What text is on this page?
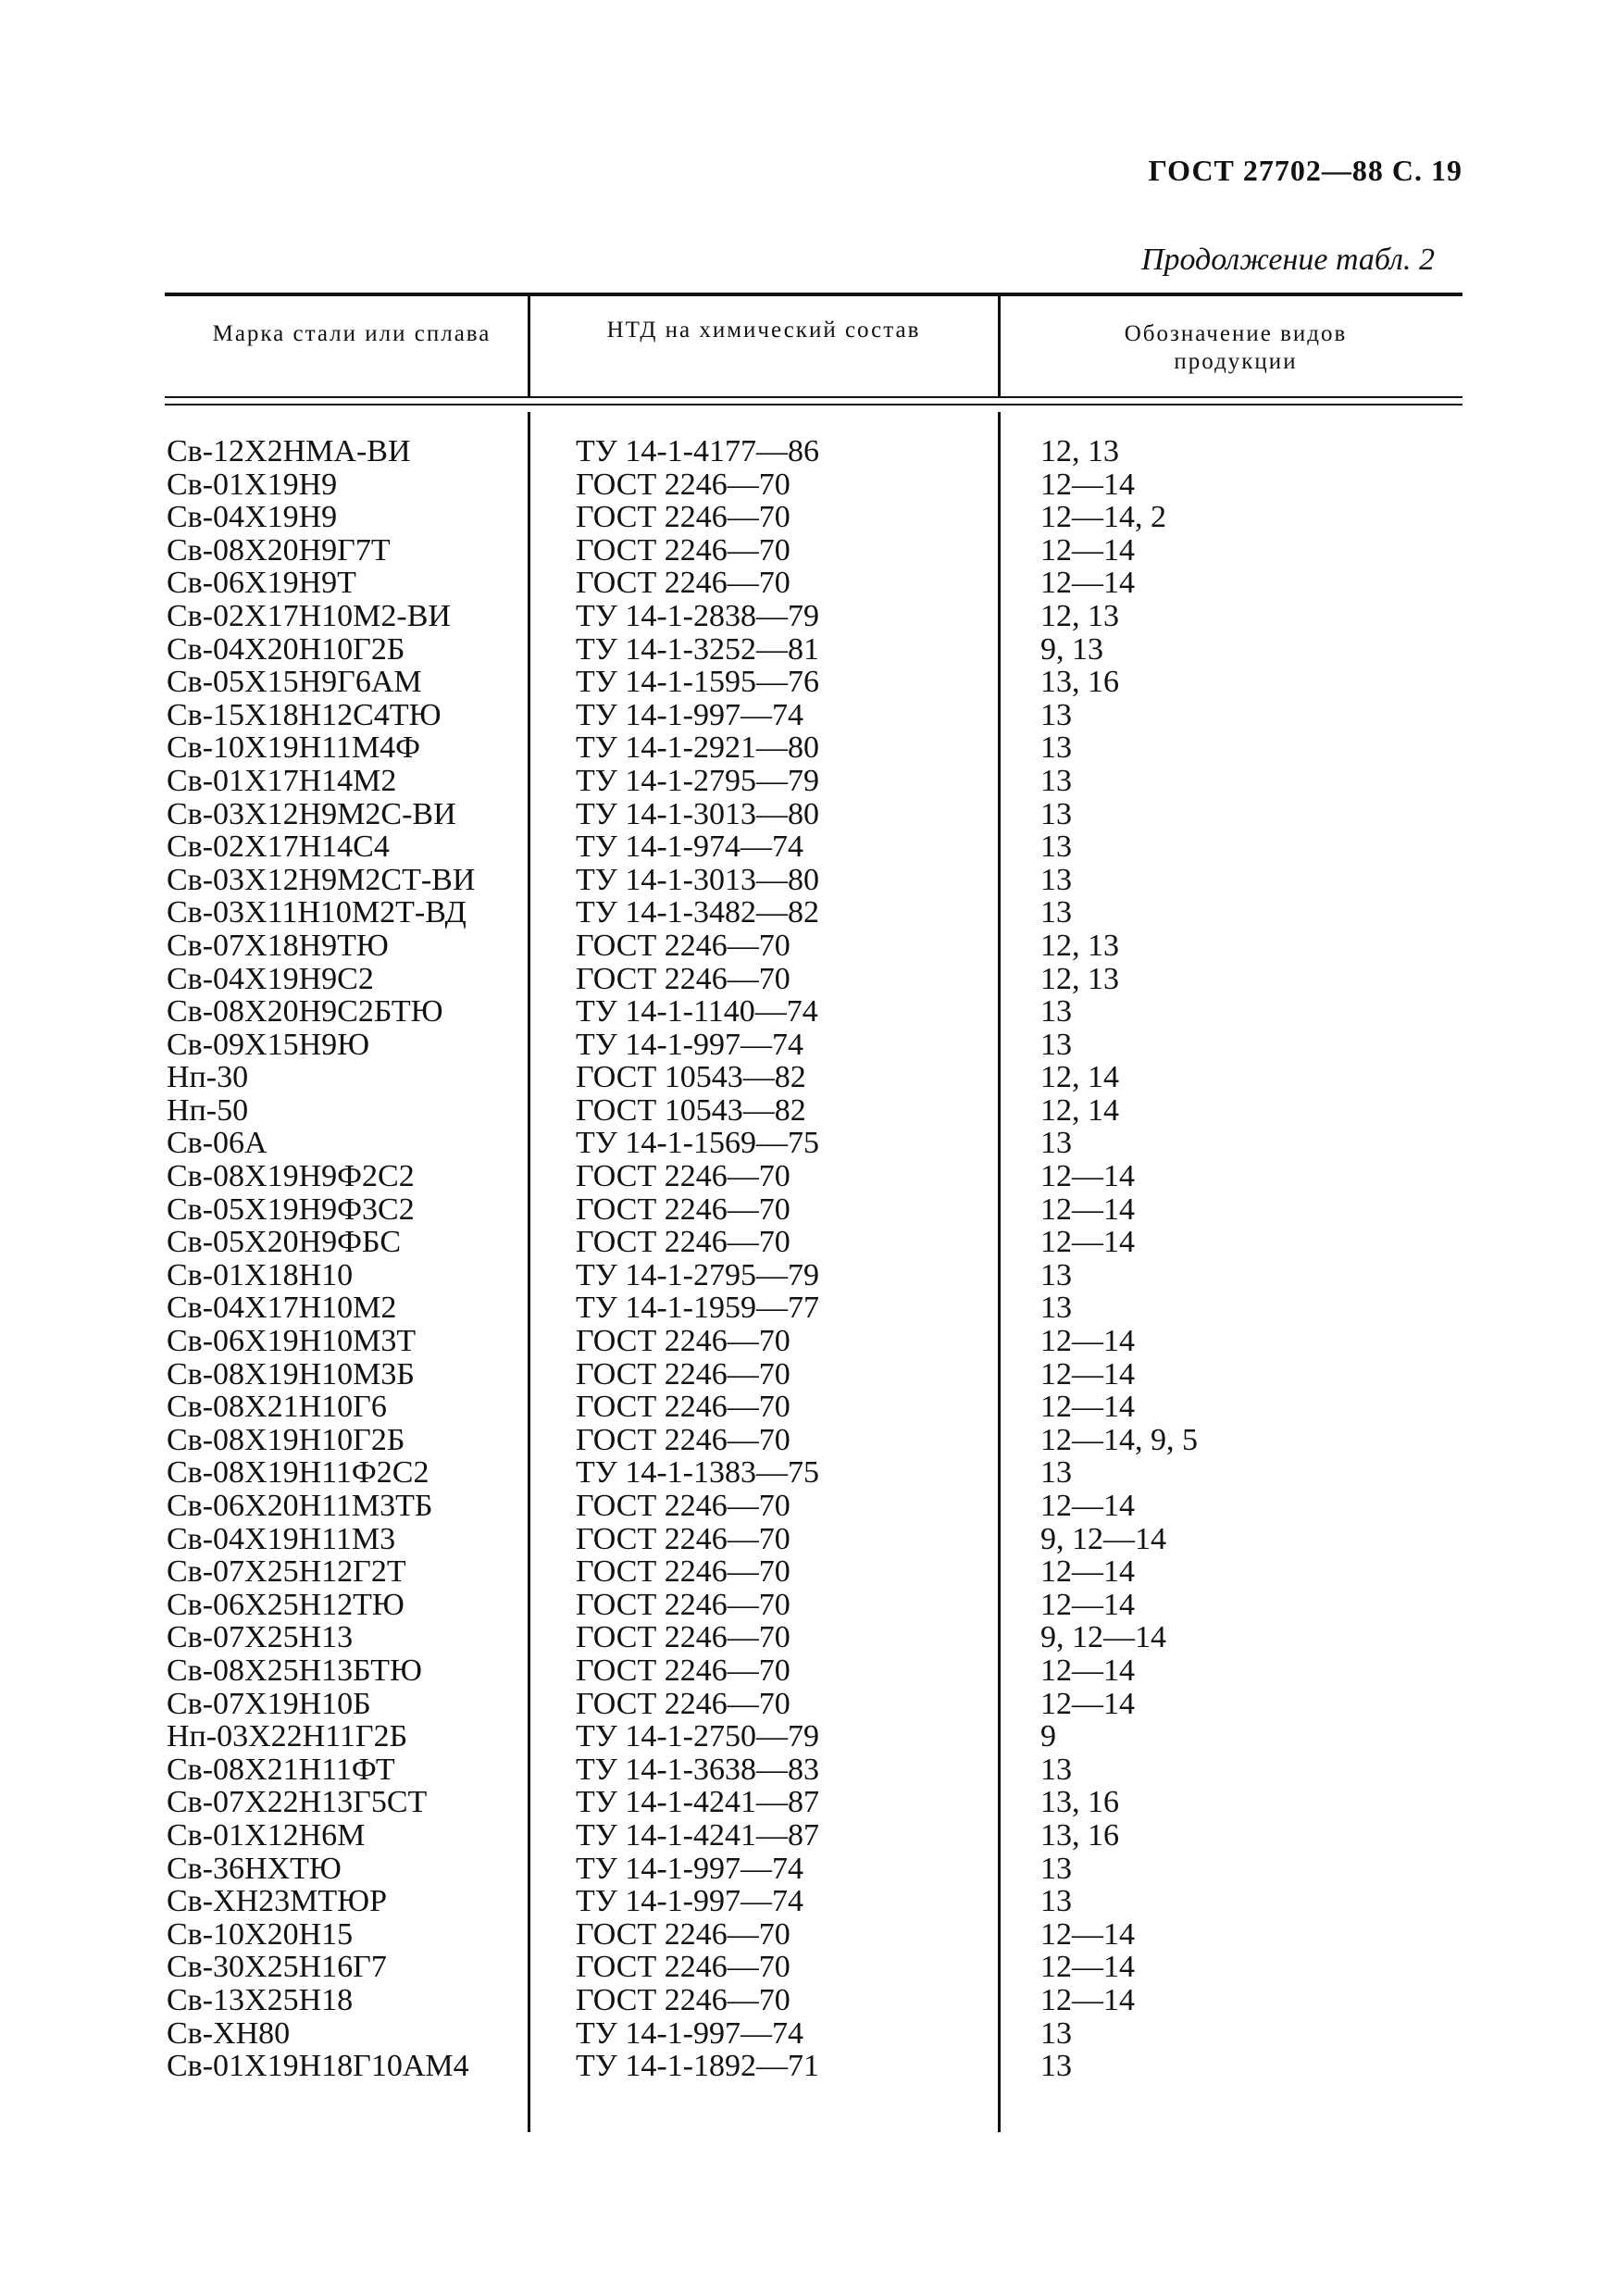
ГОСТ 27702—88 С. 19
Продолжение табл. 2
Марка стали или сплава	НТД на химический состав	Обозначение видов продукции
Св-12Х2НМА-ВИ
Св-01Х19Н9
Св-04Х19Н9
Св-08Х20Н9Г7Т
Св-06Х19Н9Т
Св-02Х17Н10М2-ВИ
Св-04Х20Н10Г2Б
Св-05Х15Н9Г6АМ
Св-15Х18Н12С4ТЮ
Св-10Х19Н11М4Ф
Св-01Х17Н14М2
Св-03Х12Н9М2С-ВИ
Св-02Х17Н14С4
Св-03Х12Н9М2СТ-ВИ
Св-03Х11Н10М2Т-ВД
Св-07Х18Н9ТЮ
Св-04Х19Н9С2
Св-08Х20Н9С2БТЮ
Св-09Х15Н9Ю
Нп-30
Нп-50
Св-06А
Св-08Х19Н9Ф2С2
Св-05Х19Н9Ф3С2
Св-05Х20Н9ФБС
Св-01Х18Н10
Св-04Х17Н10М2
Св-06Х19Н10М3Т
Св-08Х19Н10М3Б
Св-08Х21Н10Г6
Св-08Х19Н10Г2Б
Св-08Х19Н11Ф2С2
Св-06Х20Н11М3ТБ
Св-04Х19Н11М3
Св-07Х25Н12Г2Т
Св-06Х25Н12ТЮ
Св-07Х25Н13
Св-08Х25Н13БТЮ
Св-07Х19Н10Б
Нп-03Х22Н11Г2Б
Св-08Х21Н11ФТ
Св-07Х22Н13Г5СТ
Св-01Х12Н6М
Св-36НХТЮ
Св-ХН23МТЮР
Св-10Х20Н15
Св-30Х25Н16Г7
Св-13Х25Н18
Св-ХН80
Св-01Х19Н18Г10АМ4
ТУ 14-1-4177—86
ГОСТ 2246—70
ГОСТ 2246—70
ГОСТ 2246—70
ГОСТ 2246—70
ТУ 14-1-2838—79
ТУ 14-1-3252—81
ТУ 14-1-1595—76
ТУ 14-1-997—74
ТУ 14-1-2921—80
ТУ 14-1-2795—79
ТУ 14-1-3013—80
ТУ 14-1-974—74
ТУ 14-1-3013—80
ТУ 14-1-3482—82
ГОСТ 2246—70
ГОСТ 2246—70
ТУ 14-1-1140—74
ТУ 14-1-997—74
ГОСТ 10543—82
ГОСТ 10543—82
ТУ 14-1-1569—75
ГОСТ 2246—70
ГОСТ 2246—70
ГОСТ 2246—70
ТУ 14-1-2795—79
ТУ 14-1-1959—77
ГОСТ 2246—70
ГОСТ 2246—70
ГОСТ 2246—70
ГОСТ 2246—70
ТУ 14-1-1383—75
ГОСТ 2246—70
ГОСТ 2246—70
ГОСТ 2246—70
ГОСТ 2246—70
ГОСТ 2246—70
ГОСТ 2246—70
ГОСТ 2246—70
ТУ 14-1-2750—79
ТУ 14-1-3638—83
ТУ 14-1-4241—87
ТУ 14-1-4241—87
ТУ 14-1-997—74
ТУ 14-1-997—74
ГОСТ 2246—70
ГОСТ 2246—70
ГОСТ 2246—70
ТУ 14-1-997—74
ТУ 14-1-1892—71
12, 13
12—14
12—14, 2
12—14
12—14
12, 13
9, 13
13, 16
13
13
13
13
13
13
13
12, 13
12, 13
13
13
12, 14
12, 14
13
12—14
12—14
12—14
13
13
12—14
12—14
12—14
12—14, 9, 5
13
12—14
9, 12—14
12—14
12—14
9, 12—14
12—14
12—14
9
13
13, 16
13, 16
13
13
12—14
12—14
12—14
13
13
